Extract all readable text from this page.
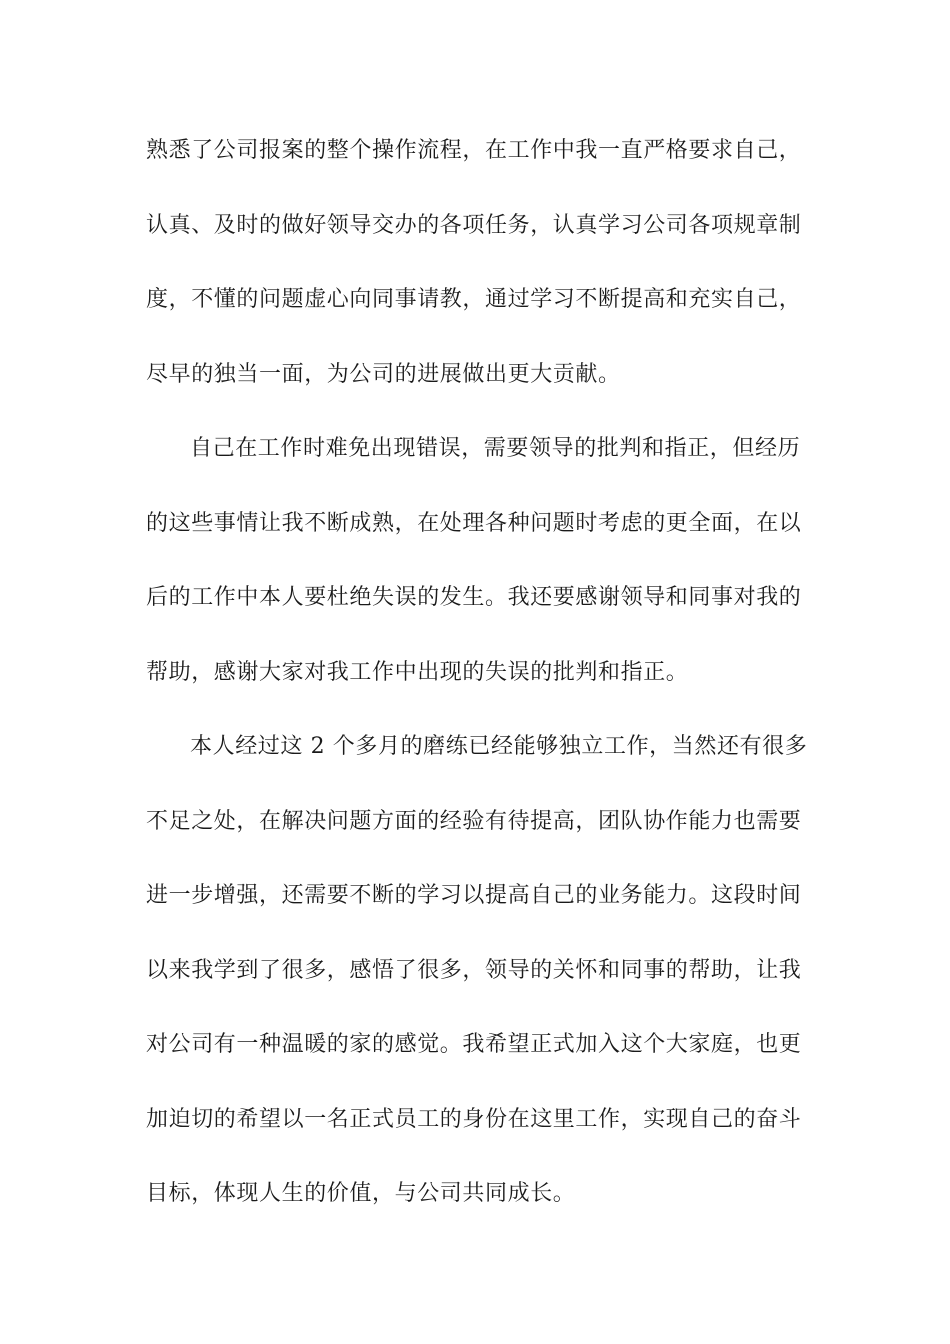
熟悉了公司报案的整个操作流程，在工作中我一直严格要求自己，
认真、及时的做好领导交办的各项任务，认真学习公司各项规章制
度，不懂的问题虚心向同事请教，通过学习不断提高和充实自己，
尽早的独当一面，为公司的进展做出更大贡献。
自己在工作时难免出现错误，需要领导的批判和指正，但经历
的这些事情让我不断成熟，在处理各种问题时考虑的更全面，在以
后的工作中本人要杜绝失误的发生。我还要感谢领导和同事对我的
帮助，感谢大家对我工作中出现的失误的批判和指正。
本人经过这 2 个多月的磨练已经能够独立工作，当然还有很多
不足之处，在解决问题方面的经验有待提高，团队协作能力也需要
进一步增强，还需要不断的学习以提高自己的业务能力。这段时间
以来我学到了很多，感悟了很多，领导的关怀和同事的帮助，让我
对公司有一种温暖的家的感觉。我希望正式加入这个大家庭，也更
加迫切的希望以一名正式员工的身份在这里工作，实现自己的奋斗
目标，体现人生的价值，与公司共同成长。
